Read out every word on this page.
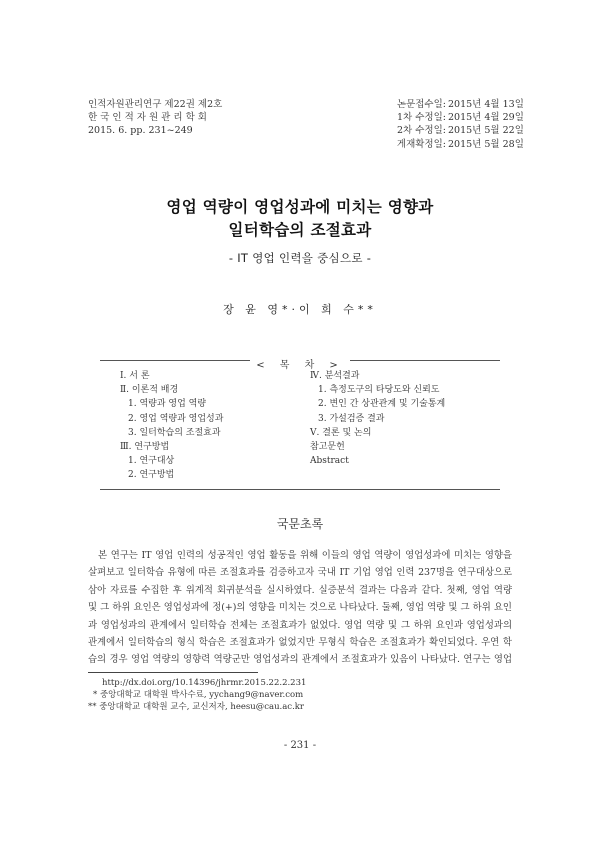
인적자원관리연구 제22권 제2호
한 국 인 적 자 원 관 리 학 회
2015. 6. pp. 231~249
논문접수일: 2015년 4월 13일
1차 수정일: 2015년 4월 29일
2차 수정일: 2015년 5월 22일
게재확정일: 2015년 5월 28일
영업 역량이 영업성과에 미치는 영향과
일터학습의 조절효과
- IT 영업 인력을 중심으로 -
장 윤 영*·이 희 수**
< 목 차 >
Ⅰ. 서 론
Ⅱ. 이론적 배경
1. 역량과 영업 역량
2. 영업 역량과 영업성과
3. 일터학습의 조절효과
Ⅲ. 연구방법
1. 연구대상
2. 연구방법
Ⅳ. 분석결과
1. 측정도구의 타당도와 신뢰도
2. 변인 간 상관관계 및 기술통계
3. 가설검증 결과
Ⅴ. 결론 및 논의
참고문헌
Abstract
국문초록
본 연구는 IT 영업 인력의 성공적인 영업 활동을 위해 이들의 영업 역량이 영업성과에 미치는 영향을
살펴보고 일터학습 유형에 따른 조절효과를 검증하고자 국내 IT 기업 영업 인력 237명을 연구대상으로
삼아 자료를 수집한 후 위계적 회귀분석을 실시하였다. 실증분석 결과는 다음과 같다. 첫째, 영업 역량
및 그 하위 요인은 영업성과에 정(+)의 영향을 미치는 것으로 나타났다. 둘째, 영업 역량 및 그 하위 요인
과 영업성과의 관계에서 일터학습 전체는 조절효과가 없었다. 영업 역량 및 그 하위 요인과 영업성과의
관계에서 일터학습의 형식 학습은 조절효과가 없었지만 무형식 학습은 조절효과가 확인되었다. 우연 학
습의 경우 영업 역량의 영향력 역량군만 영업성과의 관계에서 조절효과가 있음이 나타났다. 연구는 영업
http://dx.doi.org/10.14396/jhrmr.2015.22.2.231
* 중앙대학교 대학원 박사수료, yychang9@naver.com
** 중앙대학교 대학원 교수, 교신저자, heesu@cau.ac.kr
- 231 -
